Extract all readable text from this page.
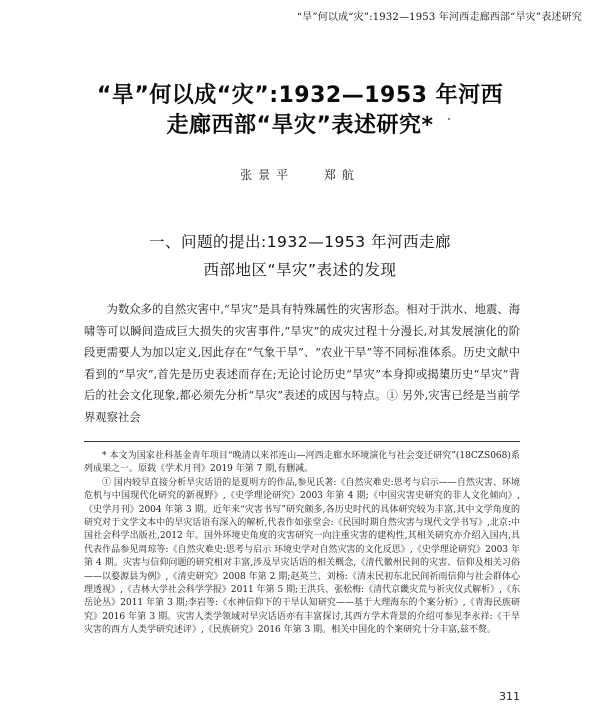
“旱”何以成“灾”:1932—1953 年河西走廊西部“旱灾”表述研究
“旱”何以成“灾”:1932—1953 年河西
走廊西部“旱灾”表述研究*
张景平 郑航
一、问题的提出:1932—1953 年河西走廊
西部地区“旱灾”表述的发现

为数众多的自然灾害中,“旱灾”是具有特殊属性的灾害形态。相对于洪水、地震、海啸等可以瞬间造成巨大损失的灾害事件,“旱灾”的成灾过程十分漫长,对其发展演化的阶段更需要人为加以定义,因此存在“气象干旱”、“农业干旱”等不同标准体系。历史文献中看到的“旱灾”,首先是历史表述而存在;无论讨论历史“旱灾”本身抑或揭橥历史“旱灾”背后的社会文化现象,都必须先分析“旱灾”表述的成因与特点。① 另外,灾害已经是当前学界观察社会

* 本文为国家社科基金青年项目“晚清以来祁连山—河西走廊水环境演化与社会变迁研究”(18CZS068)系列成果之一。原载《学术月刊》2019 年第 7 期,有删减。

① 国内较早直接分析旱灾话语的是夏明方的作品,参见氏著:《自然灾难史:思考与启示——自然灾害、环境危机与中国现代化研究的新视野》,《史学理论研究》2003 年第 4 期;《中国灾害史研究的非人文化倾向》,《史学月刊》2004 年第 3 期。近年来“灾害书写”研究颇多,各历史时代的具体研究较为丰富,其中文学角度的研究对于文学文本中的旱灾话语有深入的解析,代表作如张堂会:《民国时期自然灾害与现代文学书写》,北京:中国社会科学出版社,2012 年。国外环境史角度的灾害研究一向注重灾害的建构性,其相关研究亦介绍入国内,具代表作品参见周琼等:《自然灾难史:思考与启示 环境史学对自然灾害的文化反思》,《史学理论研究》2003 年第 4 期。灾害与信仰问题的研究相对丰富,涉及旱灾话语的相关概念,《清代徽州民间的灾害、信仰及相关习俗——以婺源县为例》,《清史研究》2008 年第 2 期;赵英兰、刘杨:《清末民初东北民间祈雨信仰与社会群体心理透视》,《吉林大学社会科学学报》2011 年第 5 期;王洪兵、张松梅:《清代京畿灾荒与祈灾仪式解析》,《东岳论丛》2011 年第 3 期;李岩等:《水神信仰下的干旱认知研究——基于大理海东的个案分析》,《青海民族研究》2016 年第 3 期。灾害人类学领域对旱灾话语亦有丰富探讨,其西方学术背景的介绍可参见李永祥:《干旱灾害的西方人类学研究述评》,《民族研究》2016 年第 3 期。相关中国化的个案研究十分丰富,兹不赘。

311
